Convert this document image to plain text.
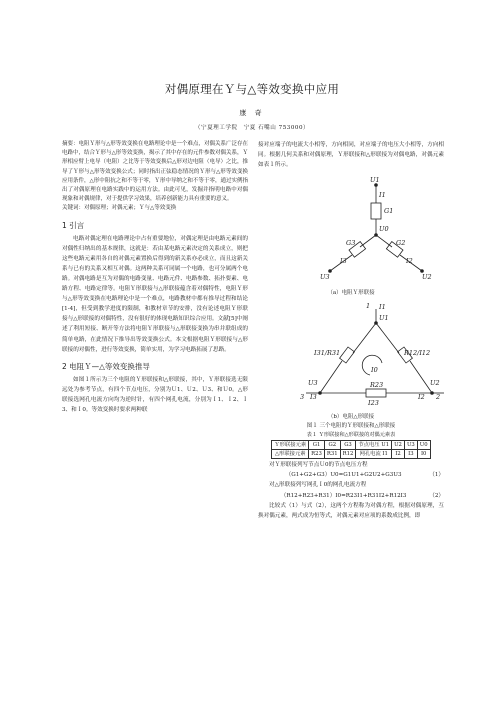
对偶原理在Ｙ与△等效变换中应用
康 奇
（宁夏理工学院　宁夏 石嘴山 753000）
摘要：电阻Ｙ形与△形等效变换在电路理论中是一个难点，对偶关系广泛存在电路中，结合Ｙ形与△形等效变换，揭示了其中存在的元件参数对偶关系，Ｙ形相应臂上电导（电阻）之比等于等效变换后△形对边电阻（电导）之比，推导了Ｙ形与△形等效变换公式；同时指出正弦稳态情况的Ｙ形与△形等效变换应用条件，△形中阻抗之和不等于零，Ｙ形中导纳之和不等于零，通过实例指出了对偶原理在电路实践中的运用方法。由此可见，发掘并指明电路中对偶现象和对偶规律，对于提供学习效果，培养创新能力具有重要的意义。
关键词：对偶原理；对偶元素；Ｙ与△等效变换
1 引言

电路对偶定理在电路理论中占有重要地位，对偶定理是由电路元素间的对偶性归纳出的基本规律，这就是：若由某电路元素决定的关系成立，则把这些电路元素用各自的对偶元素置换后得到的新关系亦必成立，而且这新关系与已有的关系又相互对偶。这两种关系可同属一个电路，也可分属两个电路。对偶电路是互为对偶的电路变量、电路元件、电路参数、拓扑要素、电路方程、电路定律等。电阻Ｙ形联接与△形联接蕴含着对偶特性，电阻Ｙ形与△形等效变换在电路理论中是一个难点，电路教材中都有推导过程和结论[1-4]，但受到教学进度的限制，和教材章节的安排，没有论述电阻Ｙ形联接与△形联接的对偶特性，没有很好的体现电路知识综合应用。文献[5]中阐述了利用短接、断开等方法将电阻Ｙ形联接与△形联接变换为串并联组成的简单电路，在此情况下推导出等效变换公式。本文根据电阻Ｙ形联接与△形联接的对偶性，进行等效变换，简单实用，为学习电路拓展了思路。

2 电阻Ｙ—△等效变换推导

如图１所示为三个电阻的Ｙ形联接和△形联接，其中，Ｙ形联接选无限远处为参考节点，有四个节点电压，分别为Ｕ1、Ｕ2、Ｕ3、和Ｕ0。△形联接选网孔电流方向均为逆时针，有四个网孔电流，分别为Ｉ1、Ｉ2、Ｉ3、和Ｉ0。等效变换时要求两种联

接对应端子的电流大小相等，方向相同，对应端子的电压大小相等，方向相同。根据几何关系和对偶原理，Ｙ形联接和△形联接为对偶电路，对偶元素如表１所示。

U1
I1
G1
U0
G3	G2
I3	I2
U3	U2
（a）电阻Ｙ形联接
1 I1
U1
I31/R31	R12/I12
I0
U3
3 I3
R23
I2 2
U2
I23
（b）电阻△形联接
图１ 三个电阻的Ｙ形联接和△形联接
表１ Ｙ形联接和△形联接的对偶元素表
Ｙ形联接元素	G1	G2	G3	节点电压 U1	U2	U3	U0
△形联接元素	R23	R31	R12	网孔电流 I1	I2	I3	I0

对Ｙ形联接列写节点Ｕ0的节点电压方程

（G1+G2+G3）U0=G1U1+G2U2+G3U3	（1）

对△形联接列写网孔Ｉ0的网孔电流方程

（R12+R23+R31）I0=R23I1+R31I2+R12I3	（2）

比较式（1）与式（2），这两个方程称为对偶方程，根据对偶原理，互换对偶元素，两式成为恒等式，对偶元素对应项的系数成比例，即
